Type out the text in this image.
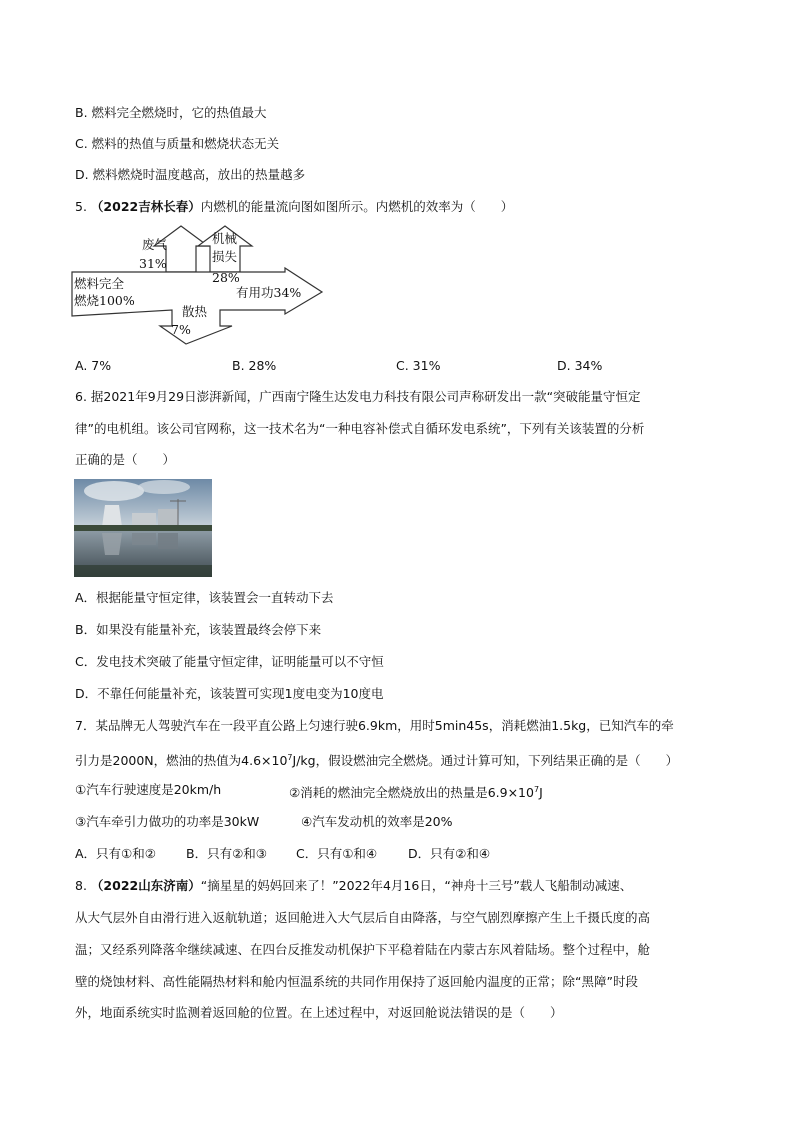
B. 燃料完全燃烧时，它的热值最大
C. 燃料的热值与质量和燃烧状态无关
D. 燃料燃烧时温度越高，放出的热量越多
5. （2022吉林长春）内燃机的能量流向图如图所示。内燃机的效率为（　　）
燃料完全
燃烧100%
废气
31%
机械
损失
28%
有用功34%
散热
7%
A. 7%	B. 28%	C. 31%	D. 34%
6. 据2021年9月29日澎湃新闻，广西南宁隆生达发电力科技有限公司声称研发出一款“突破能量守恒定
律”的电机组。该公司官网称，这一技术名为“一种电容补偿式自循环发电系统”，下列有关该装置的分析
正确的是（　　）
A．根据能量守恒定律，该装置会一直转动下去
B．如果没有能量补充，该装置最终会停下来
C．发电技术突破了能量守恒定律，证明能量可以不守恒
D．不靠任何能量补充，该装置可实现1度电变为10度电
7．某品牌无人驾驶汽车在一段平直公路上匀速行驶6.9km，用时5min45s，消耗燃油1.5kg，已知汽车的牵
引力是2000N，燃油的热值为$4.6\times 10^7J/kg$，假设燃油完全燃烧。通过计算可知，下列结果正确的是（　　）
①汽车行驶速度是20km/h	②消耗的燃油完全燃烧放出的热量是$6.9\times 10^7J$
③汽车牵引力做功的功率是30kW	④汽车发动机的效率是20%
A．只有①和② B．只有②和③ C．只有①和④ D．只有②和④
8. （2022山东济南）“摘星星的妈妈回来了！”2022年4月16日，“神舟十三号”载人飞船制动减速、
从大气层外自由滑行进入返航轨道；返回舱进入大气层后自由降落，与空气剧烈摩擦产生上千摄氏度的高
温；又经系列降落伞继续减速、在四台反推发动机保护下平稳着陆在内蒙古东风着陆场。整个过程中，舱
壁的烧蚀材料、高性能隔热材料和舱内恒温系统的共同作用保持了返回舱内温度的正常；除“黑障”时段
外，地面系统实时监测着返回舱的位置。在上述过程中，对返回舱说法错误的是（　　）
